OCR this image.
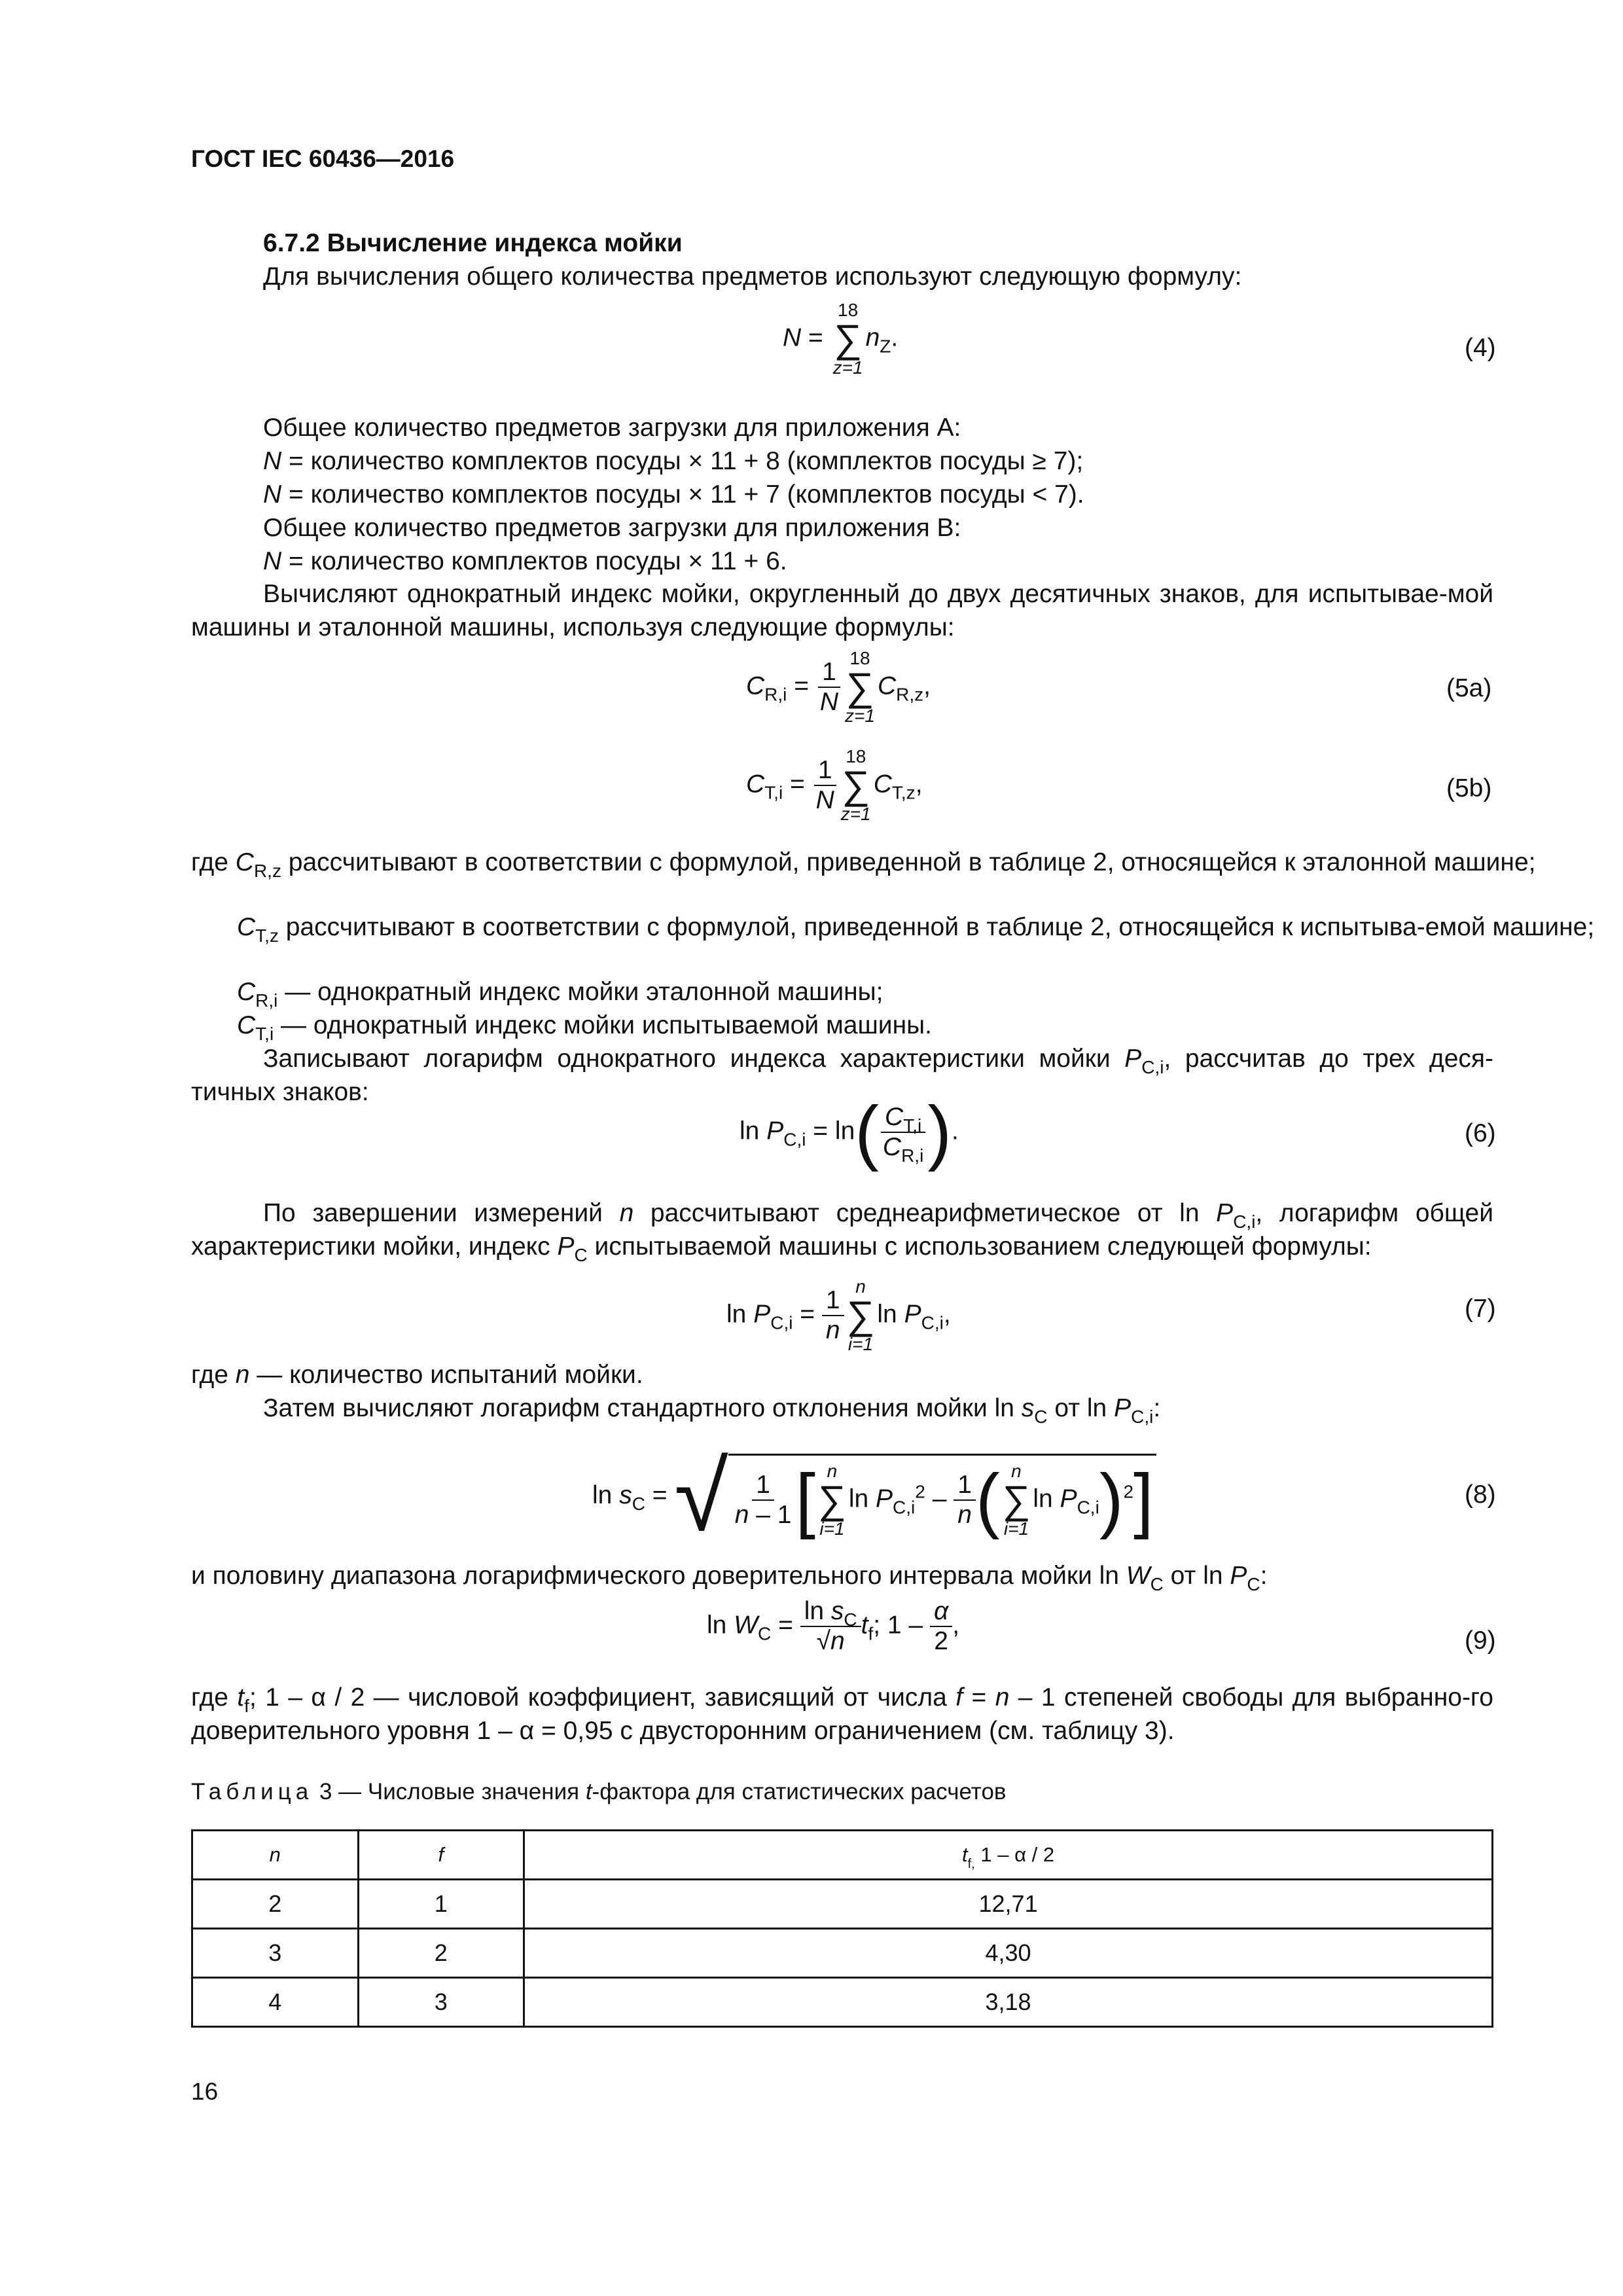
ГОСТ IEC 60436—2016
6.7.2 Вычисление индекса мойки
Для вычисления общего количества предметов используют следующую формулу:
N =
18
∑
z=1
$n_Z$.	(4)
Общее количество предметов загрузки для приложения А:
N = количество комплектов посуды × 11 + 8 (комплектов посуды ≥ 7);
N = количество комплектов посуды × 11 + 7 (комплектов посуды < 7).
Общее количество предметов загрузки для приложения В:
N = количество комплектов посуды × 11 + 6.
Вычисляют однократный индекс мойки, округленный до двух десятичных знаков, для испытывае-мой машины и эталонной машины, используя следующие формулы:
$C_{R,i} = \frac{1}{N} 18$
∑
z=1
$C_{R,z}$,	(5a)
$C_{T,i} = \frac{1}{N} 18$
∑
z=1
$C_{T,z}$,	(5b)
где $C_{R,z}$ рассчитывают в соответствии с формулой, приведенной в таблице 2, относящейся к эталонной машине;
$C_{T,z}$ рассчитывают в соответствии с формулой, приведенной в таблице 2, относящейся к испытыва-емой машине;
$C_{R,i}$ — однократный индекс мойки эталонной машины;
$C_{T,i}$ — однократный индекс мойки испытываемой машины.
Записывают логарифм однократного индекса характеристики мойки $P_{C,i}$, рассчитав до трех деся-тичных знаков:
$\ln P_{C,i} = \ln( \frac{C_{T,i}}{C_{R,i}}$ ).	(6)
По завершении измерений n рассчитывают среднеарифметическое от $\ln P_{C,i}$, логарифм общей характеристики мойки, индекс $P_C$ испытываемой машины с использованием следующей формулы:
$\ln P_{C,i} = \frac{1}{n}$ n
∑
i=1
$\ln P_{C,i}$,	(7)
где n — количество испытаний мойки.
Затем вычисляют логарифм стандартного отклонения мойки $\ln s_C$ от $\ln P_{C,i}$:
$\ln s_C$ = √ $\frac{1}{n - 1}$ [ n
∑
i=1
$\ln P_{C,i}^2 - \frac{1}{n}$ ( n
∑
i=1
$\ln P_{C,i})^2$]	(8)
и половину диапазона логарифмического доверительного интервала мойки $\ln W_C$ от $\ln P_C$:
$\ln W_C = \frac{\ln s_C}{√n} t_f$; $1 - \frac{\alpha}{2}$ ,
(9)
где $t_f$; 1 – α / 2 — числовой коэффициент, зависящий от числа f = n – 1 степеней свободы для выбранно-го доверительного уровня 1 – α = 0,95 с двусторонним ограничением (см. таблицу 3).
Таблица 3 — Числовые значения t-фактора для статистических расчетов
n	f	$t_{f,}$ 1 – α / 2
2	1	12,71
3	2	4,30
4	3	3,18
16
